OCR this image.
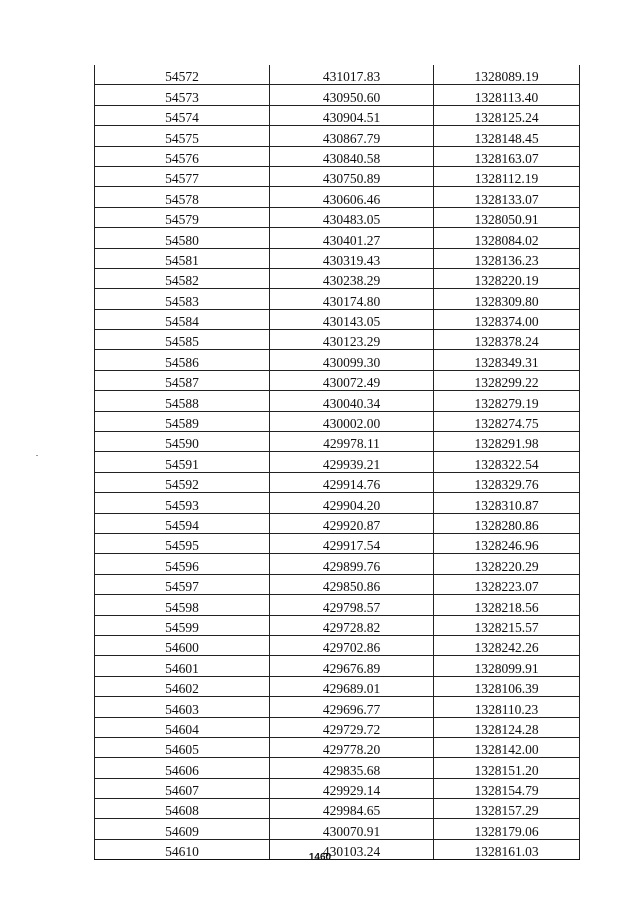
54572	431017.83	1328089.19
54573	430950.60	1328113.40
54574	430904.51	1328125.24
54575	430867.79	1328148.45
54576	430840.58	1328163.07
54577	430750.89	1328112.19
54578	430606.46	1328133.07
54579	430483.05	1328050.91
54580	430401.27	1328084.02
54581	430319.43	1328136.23
54582	430238.29	1328220.19
54583	430174.80	1328309.80
54584	430143.05	1328374.00
54585	430123.29	1328378.24
54586	430099.30	1328349.31
54587	430072.49	1328299.22
54588	430040.34	1328279.19
54589	430002.00	1328274.75
54590	429978.11	1328291.98
54591	429939.21	1328322.54
54592	429914.76	1328329.76
54593	429904.20	1328310.87
54594	429920.87	1328280.86
54595	429917.54	1328246.96
54596	429899.76	1328220.29
54597	429850.86	1328223.07
54598	429798.57	1328218.56
54599	429728.82	1328215.57
54600	429702.86	1328242.26
54601	429676.89	1328099.91
54602	429689.01	1328106.39
54603	429696.77	1328110.23
54604	429729.72	1328124.28
54605	429778.20	1328142.00
54606	429835.68	1328151.20
54607	429929.14	1328154.79
54608	429984.65	1328157.29
54609	430070.91	1328179.06
54610	430103.24	1328161.03
1460
